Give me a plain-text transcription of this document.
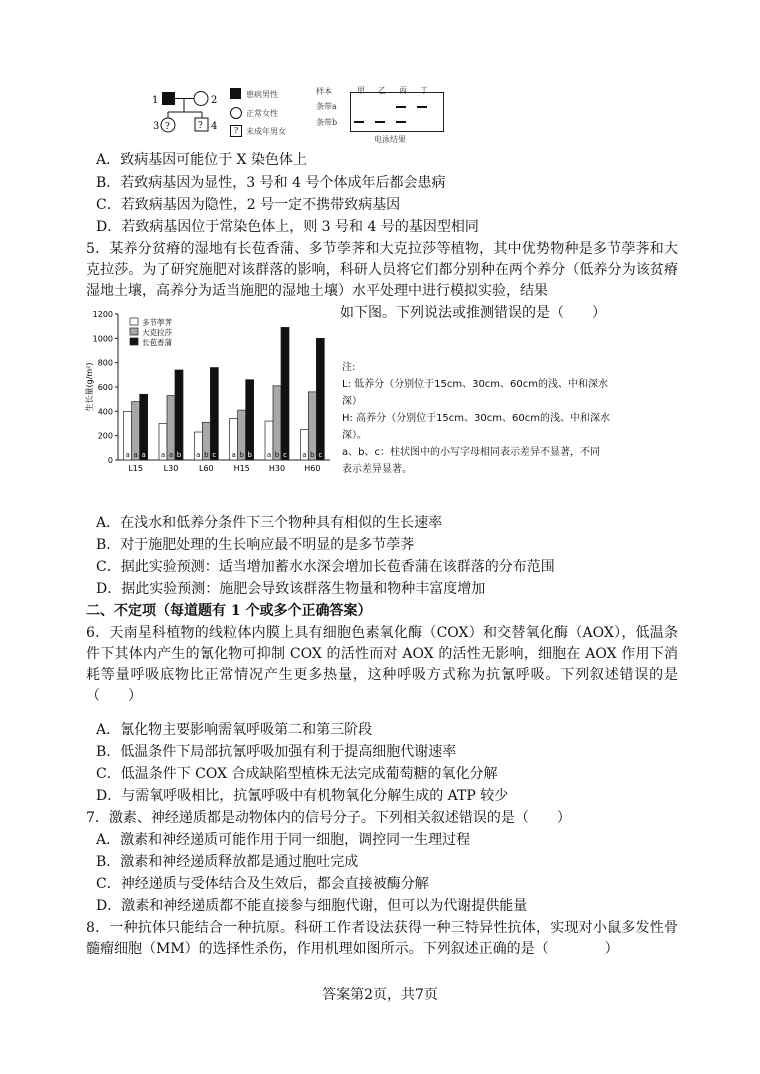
1	2
3 ?	? 4
患病男性
正常女性
? 未成年男女
样本	甲 乙 丙 丁
条带a
条带b
电泳结果
A．致病基因可能位于 X 染色体上
B．若致病基因为显性，3 号和 4 号个体成年后都会患病
C．若致病基因为隐性，2 号一定不携带致病基因
D．若致病基因位于常染色体上，则 3 号和 4 号的基因型相同
5．某养分贫瘠的湿地有长苞香蒲、多节荸荠和大克拉莎等植物，其中优势物种是多节荸荠和大克拉莎。为了研究施肥对该群落的影响，科研人员将它们都分别种在两个养分（低养分为该贫瘠湿地土壤，高养分为适当施肥的湿地土壤）水平处理中进行模拟实验，结果
如下图。下列说法或推测错误的是（　　）
0
200
400
600
800
1000
1200
生长量(g/m²)
a a a
L15
a a b
L30
a b c
L60
a b b
H15
a b c
H30
a b c
H60
多节荸荠
大克拉莎
长苞香蒲
注:
L: 低养分（分别位于15cm、30cm、60cm的浅、中和深水
深）
H: 高养分（分别位于15cm、30cm、60cm的浅、中和深水
深）。
a、b、c：柱状图中的小写字母相同表示差异不显著，不同
表示差异显著。
A．在浅水和低养分条件下三个物种具有相似的生长速率
B．对于施肥处理的生长响应最不明显的是多节荸荠
C．据此实验预测：适当增加蓄水水深会增加长苞香蒲在该群落的分布范围
D．据此实验预测：施肥会导致该群落生物量和物种丰富度增加
二、不定项（每道题有 1 个或多个正确答案）
6．天南星科植物的线粒体内膜上具有细胞色素氧化酶（COX）和交替氧化酶（AOX），低温条件下其体内产生的氰化物可抑制 COX 的活性而对 AOX 的活性无影响，细胞在 AOX 作用下消耗等量呼吸底物比正常情况产生更多热量，这种呼吸方式称为抗氰呼吸。下列叙述错误的是（　　）
A．氰化物主要影响需氧呼吸第二和第三阶段
B．低温条件下局部抗氰呼吸加强有利于提高细胞代谢速率
C．低温条件下 COX 合成缺陷型植株无法完成葡萄糖的氧化分解
D．与需氧呼吸相比，抗氰呼吸中有机物氧化分解生成的 ATP 较少
7．激素、神经递质都是动物体内的信号分子。下列相关叙述错误的是（　　）
A．激素和神经递质可能作用于同一细胞，调控同一生理过程
B．激素和神经递质释放都是通过胞吐完成
C．神经递质与受体结合及生效后，都会直接被酶分解
D．激素和神经递质都不能直接参与细胞代谢，但可以为代谢提供能量
8．一种抗体只能结合一种抗原。科研工作者设法获得一种三特异性抗体，实现对小鼠多发性骨髓瘤细胞（MM）的选择性杀伤，作用机理如图所示。下列叙述正确的是（　　　　）
答案第2页，共7页
